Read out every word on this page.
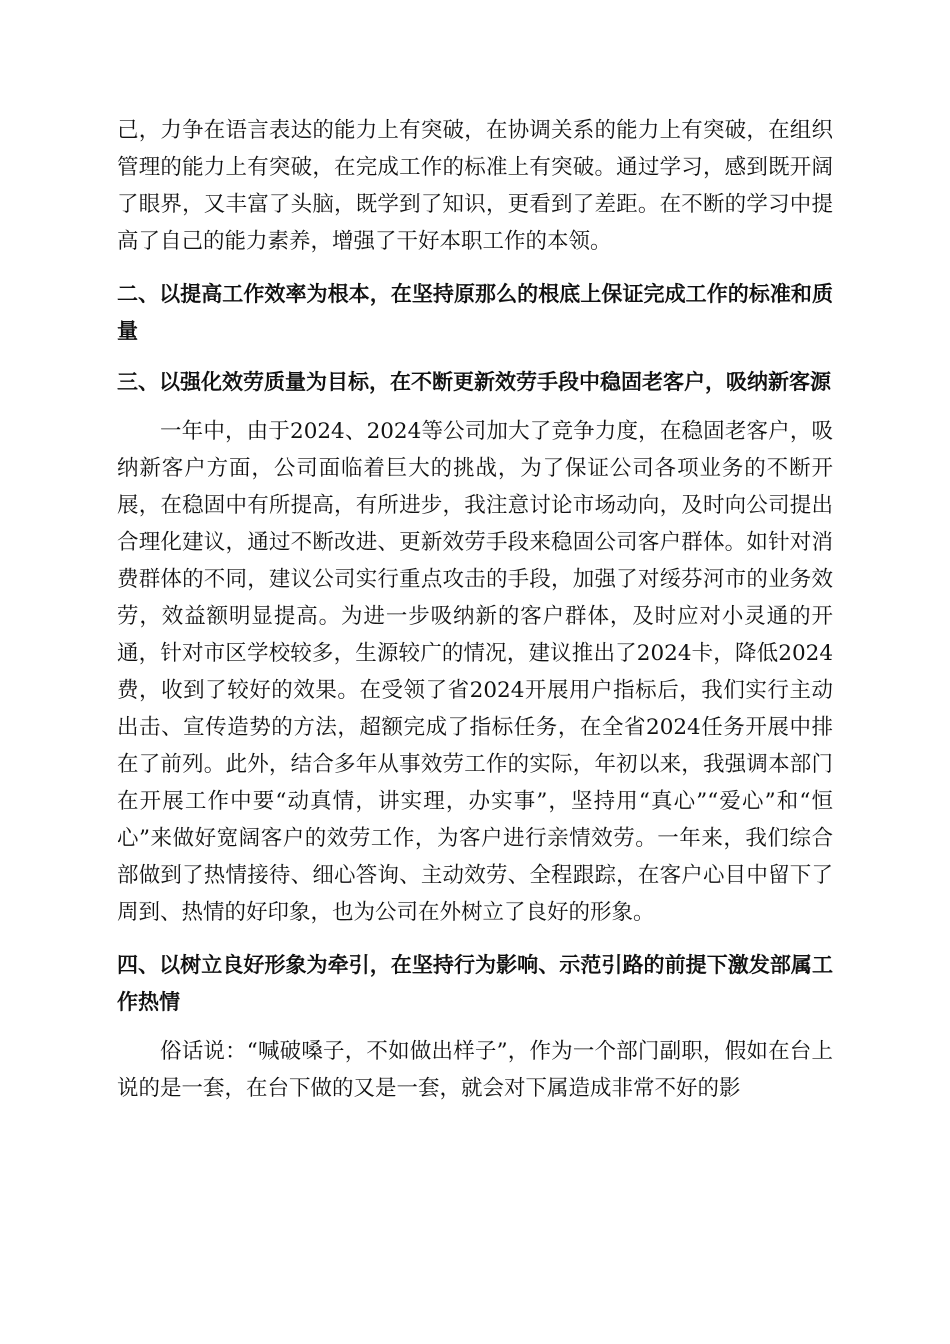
己，力争在语言表达的能力上有突破，在协调关系的能力上有突破，在组织管理的能力上有突破，在完成工作的标准上有突破。通过学习，感到既开阔了眼界，又丰富了头脑，既学到了知识，更看到了差距。在不断的学习中提高了自己的能力素养，增强了干好本职工作的本领。

二、以提高工作效率为根本，在坚持原那么的根底上保证完成工作的标准和质量

三、以强化效劳质量为目标，在不断更新效劳手段中稳固老客户，吸纳新客源

一年中，由于2024、2024等公司加大了竞争力度，在稳固老客户，吸纳新客户方面，公司面临着巨大的挑战，为了保证公司各项业务的不断开展，在稳固中有所提高，有所进步，我注意讨论市场动向，及时向公司提出合理化建议，通过不断改进、更新效劳手段来稳固公司客户群体。如针对消费群体的不同，建议公司实行重点攻击的手段，加强了对绥芬河市的业务效劳，效益额明显提高。为进一步吸纳新的客户群体，及时应对小灵通的开通，针对市区学校较多，生源较广的情况，建议推出了2024卡，降低2024费，收到了较好的效果。在受领了省2024开展用户指标后，我们实行主动出击、宣传造势的方法，超额完成了指标任务，在全省2024任务开展中排在了前列。此外，结合多年从事效劳工作的实际，年初以来，我强调本部门在开展工作中要“动真情，讲实理，办实事”，坚持用“真心”“爱心”和“恒心”来做好宽阔客户的效劳工作，为客户进行亲情效劳。一年来，我们综合部做到了热情接待、细心答询、主动效劳、全程跟踪，在客户心目中留下了周到、热情的好印象，也为公司在外树立了良好的形象。

四、以树立良好形象为牵引，在坚持行为影响、示范引路的前提下激发部属工作热情

俗话说：“喊破嗓子，不如做出样子”，作为一个部门副职，假如在台上说的是一套，在台下做的又是一套，就会对下属造成非常不好的影
